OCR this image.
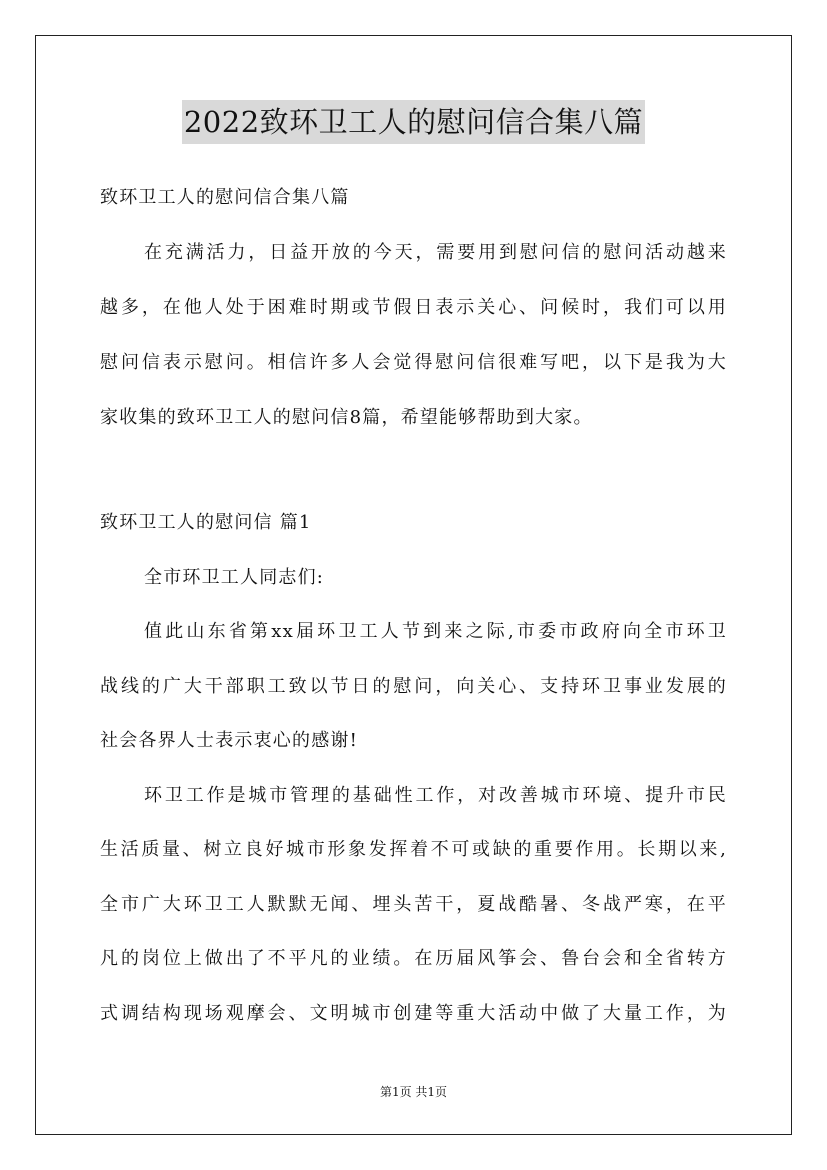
2022致环卫工人的慰问信合集八篇
致环卫工人的慰问信合集八篇
在充满活力，日益开放的今天，需要用到慰问信的慰问活动越来
越多，在他人处于困难时期或节假日表示关心、问候时，我们可以用
慰问信表示慰问。相信许多人会觉得慰问信很难写吧，以下是我为大
家收集的致环卫工人的慰问信8篇，希望能够帮助到大家。
致环卫工人的慰问信 篇1
全市环卫工人同志们:
值此山东省第xx届环卫工人节到来之际,市委市政府向全市环卫
战线的广大干部职工致以节日的慰问，向关心、支持环卫事业发展的
社会各界人士表示衷心的感谢!
环卫工作是城市管理的基础性工作，对改善城市环境、提升市民
生活质量、树立良好城市形象发挥着不可或缺的重要作用。长期以来,
全市广大环卫工人默默无闻、埋头苦干，夏战酷暑、冬战严寒，在平
凡的岗位上做出了不平凡的业绩。在历届风筝会、鲁台会和全省转方
式调结构现场观摩会、文明城市创建等重大活动中做了大量工作，为
第1页 共1页
